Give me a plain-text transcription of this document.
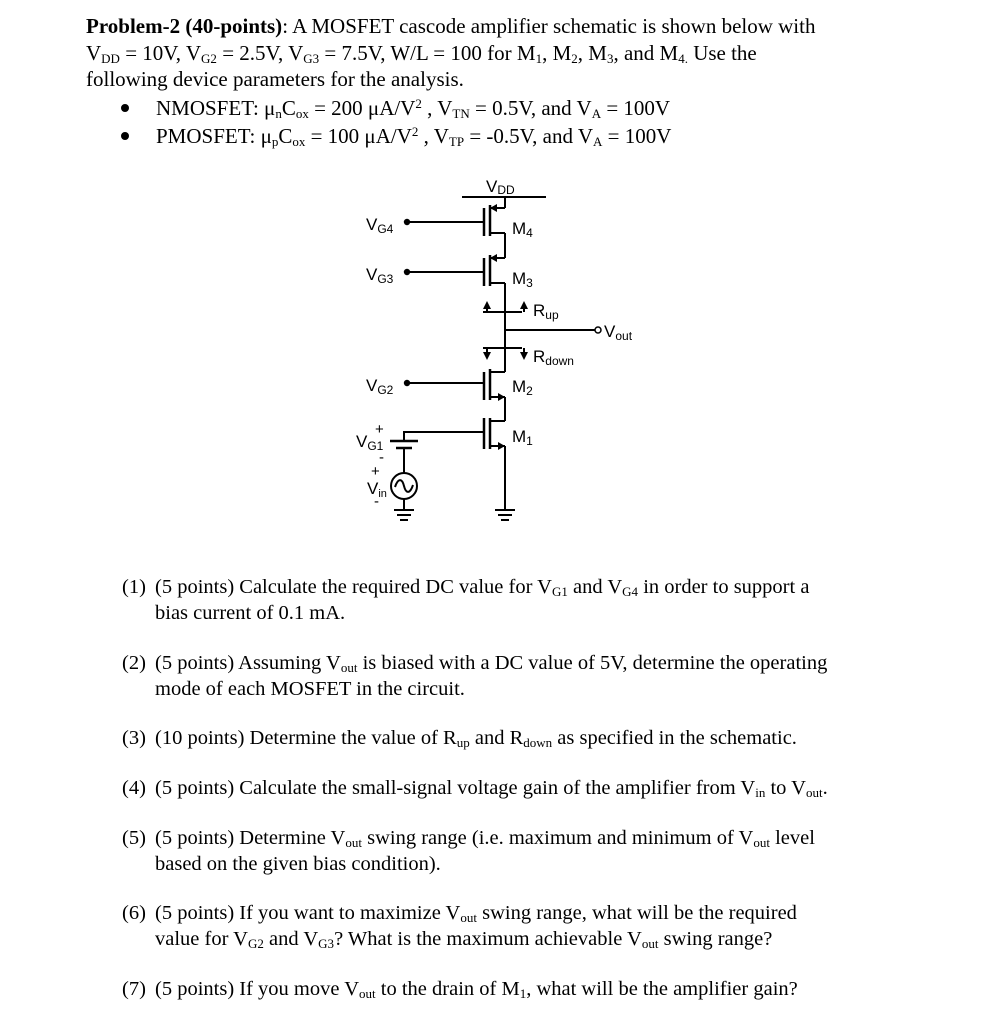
Problem-2 (40-points): A MOSFET cascode amplifier schematic is shown below with
$V_{DD} = 10V$, $V_{G2} = 2.5V$, $V_{G3} = 7.5V$, W/L = 100 for $M_1$, $M_2$, $M_3$, and $M_{4.}$ Use the
following device parameters for the analysis.
NMOSFET: $\mu_nC_{ox} = 200$ $\mu A/V^2$ , $V_{TN} = 0.5V$, and $V_A = 100V$
PMOSFET: $\mu_pC_{ox} = 100$ $\mu A/V^2$ , $V_{TP} = -0.5V$, and $V_A = 100V$
VDD
VG4
VG3
VG2
VG1
+
-
+
Vin
-
M4
M3
M2
M1
Rup
Rdown
Vout
(1) (5 points) Calculate the required DC value for $V_{G1}$ and $V_{G4}$ in order to support a
bias current of 0.1 mA.
(2) (5 points) Assuming $V_{out}$ is biased with a DC value of 5V, determine the operating
mode of each MOSFET in the circuit.
(3) (10 points) Determine the value of $R_{up}$ and $R_{down}$ as specified in the schematic.
(4) (5 points) Calculate the small-signal voltage gain of the amplifier from $V_{in}$ to $V_{out}$.
(5) (5 points) Determine $V_{out}$ swing range (i.e. maximum and minimum of $V_{out}$ level
based on the given bias condition).
(6) (5 points) If you want to maximize $V_{out}$ swing range, what will be the required
value for $V_{G2}$ and $V_{G3}$? What is the maximum achievable $V_{out}$ swing range?
(7) (5 points) If you move $V_{out}$ to the drain of $M_1$, what will be the amplifier gain?
